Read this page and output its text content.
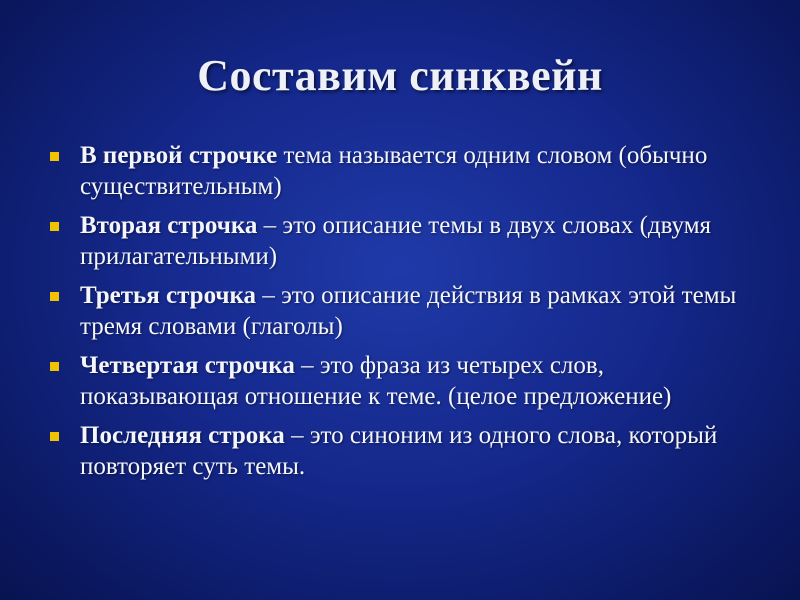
Составим синквейн
В первой строчке тема называется одним словом (обычно существительным)
Вторая строчка – это описание темы в двух словах (двумя прилагательными)
Третья строчка – это описание действия в рамках этой темы тремя словами (глаголы)
Четвертая строчка – это фраза из четырех слов, показывающая отношение к теме. (целое предложение)
Последняя строка – это синоним из одного слова, который повторяет суть темы.
